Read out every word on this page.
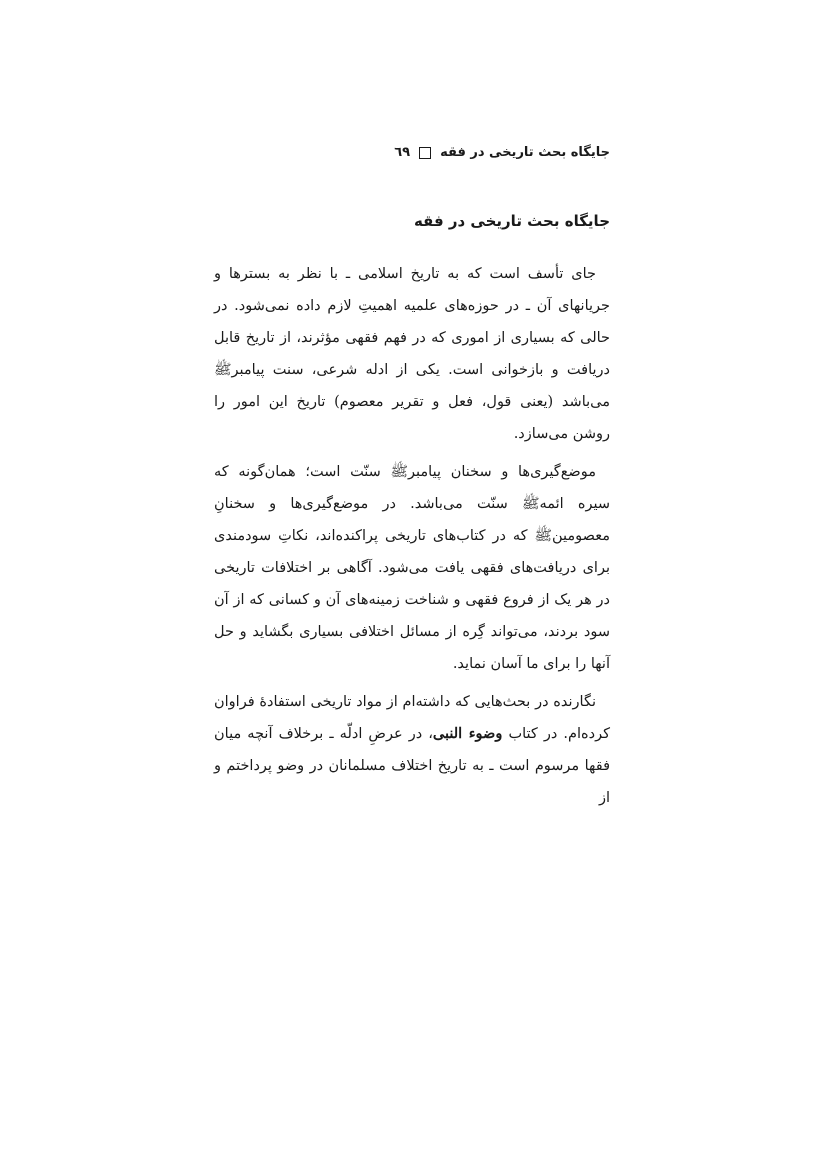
جايگاه بحث تاريخی در فقه
٦٩
جايگاه بحث تاريخی در فقه

جای تأسف است که به تاريخ اسلامی ـ با نظر به بسترها و جريانهای آن ـ در حوزه‌های علميه اهميتِ لازم داده نمی‌شود. در حالی که بسياری از اموری که در فهم فقهی مؤثرند، از تاريخ قابل دريافت و بازخوانی است. يکی از ادله شرعی، سنت پيامبرﷺ می‌باشد (يعنی قول، فعل و تقرير معصوم) تاريخ اين امور را روشن می‌سازد.

موضع‌گيری‌ها و سخنان پيامبرﷺ سنّت است؛ همان‌گونه که سيره ائمه‌ﷺ سنّت می‌باشد. در موضع‌گيری‌ها و سخنانِ معصومين‌ﷺ که در کتاب‌های تاريخی پراکنده‌اند، نکاتِ سودمندی برای دريافت‌های فقهی يافت می‌شود. آگاهی بر اختلافات تاريخی در هر يک از فروع فقهی و شناخت زمينه‌های آن و کسانی که از آن سود بردند، می‌تواند گِره از مسائل اختلافی بسياری بگشايد و حل آنها را برای ما آسان نمايد.

نگارنده در بحث‌هايی که داشته‌ام از مواد تاريخی استفادهٔ فراوان کرده‌ام. در کتاب وضوء النبی، در عرضِ ادلّه ـ برخلاف آنچه ميان فقها مرسوم است ـ به تاريخ اختلاف مسلمانان در وضو پرداختم و از
